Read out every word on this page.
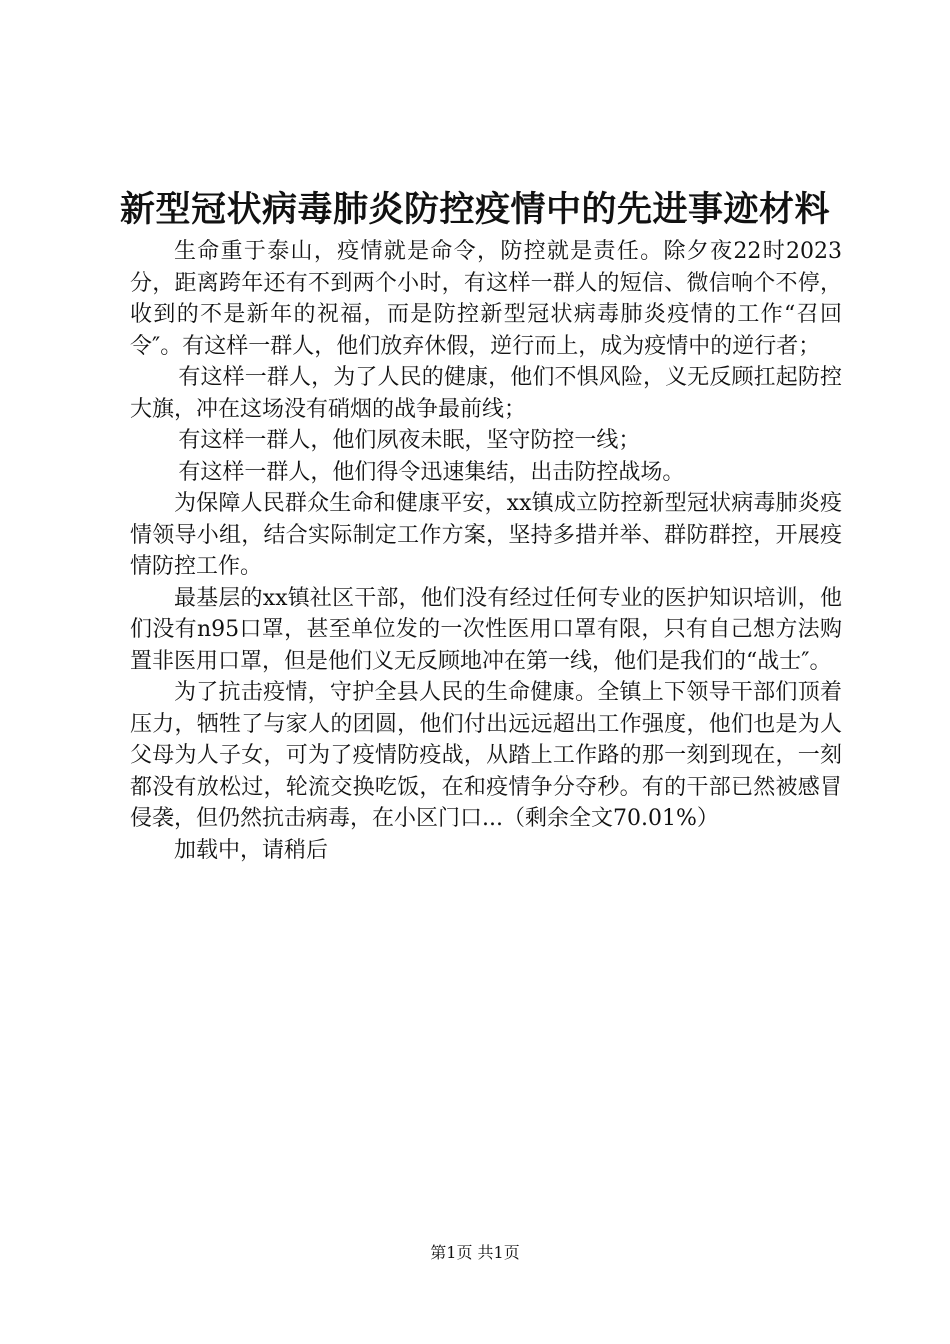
新型冠状病毒肺炎防控疫情中的先进事迹材料

生命重于泰山，疫情就是命令，防控就是责任。除夕夜22时2023分，距离跨年还有不到两个小时，有这样一群人的短信、微信响个不停，收到的不是新年的祝福，而是防控新型冠状病毒肺炎疫情的工作“召回令″。有这样一群人，他们放弃休假，逆行而上，成为疫情中的逆行者；

有这样一群人，为了人民的健康，他们不惧风险，义无反顾扛起防控大旗，冲在这场没有硝烟的战争最前线；

有这样一群人，他们夙夜未眠，坚守防控一线；

有这样一群人，他们得令迅速集结，出击防控战场。

为保障人民群众生命和健康平安，xx镇成立防控新型冠状病毒肺炎疫情领导小组，结合实际制定工作方案，坚持多措并举、群防群控，开展疫情防控工作。

最基层的xx镇社区干部，他们没有经过任何专业的医护知识培训，他们没有n95口罩，甚至单位发的一次性医用口罩有限，只有自己想方法购置非医用口罩，但是他们义无反顾地冲在第一线，他们是我们的“战士″。

为了抗击疫情，守护全县人民的生命健康。全镇上下领导干部们顶着压力，牺牲了与家人的团圆，他们付出远远超出工作强度，他们也是为人父母为人子女，可为了疫情防疫战，从踏上工作路的那一刻到现在，一刻都没有放松过，轮流交换吃饭，在和疫情争分夺秒。有的干部已然被感冒侵袭，但仍然抗击病毒，在小区门口...（剩余全文70.01%）

加载中，请稍后

第1页 共1页
